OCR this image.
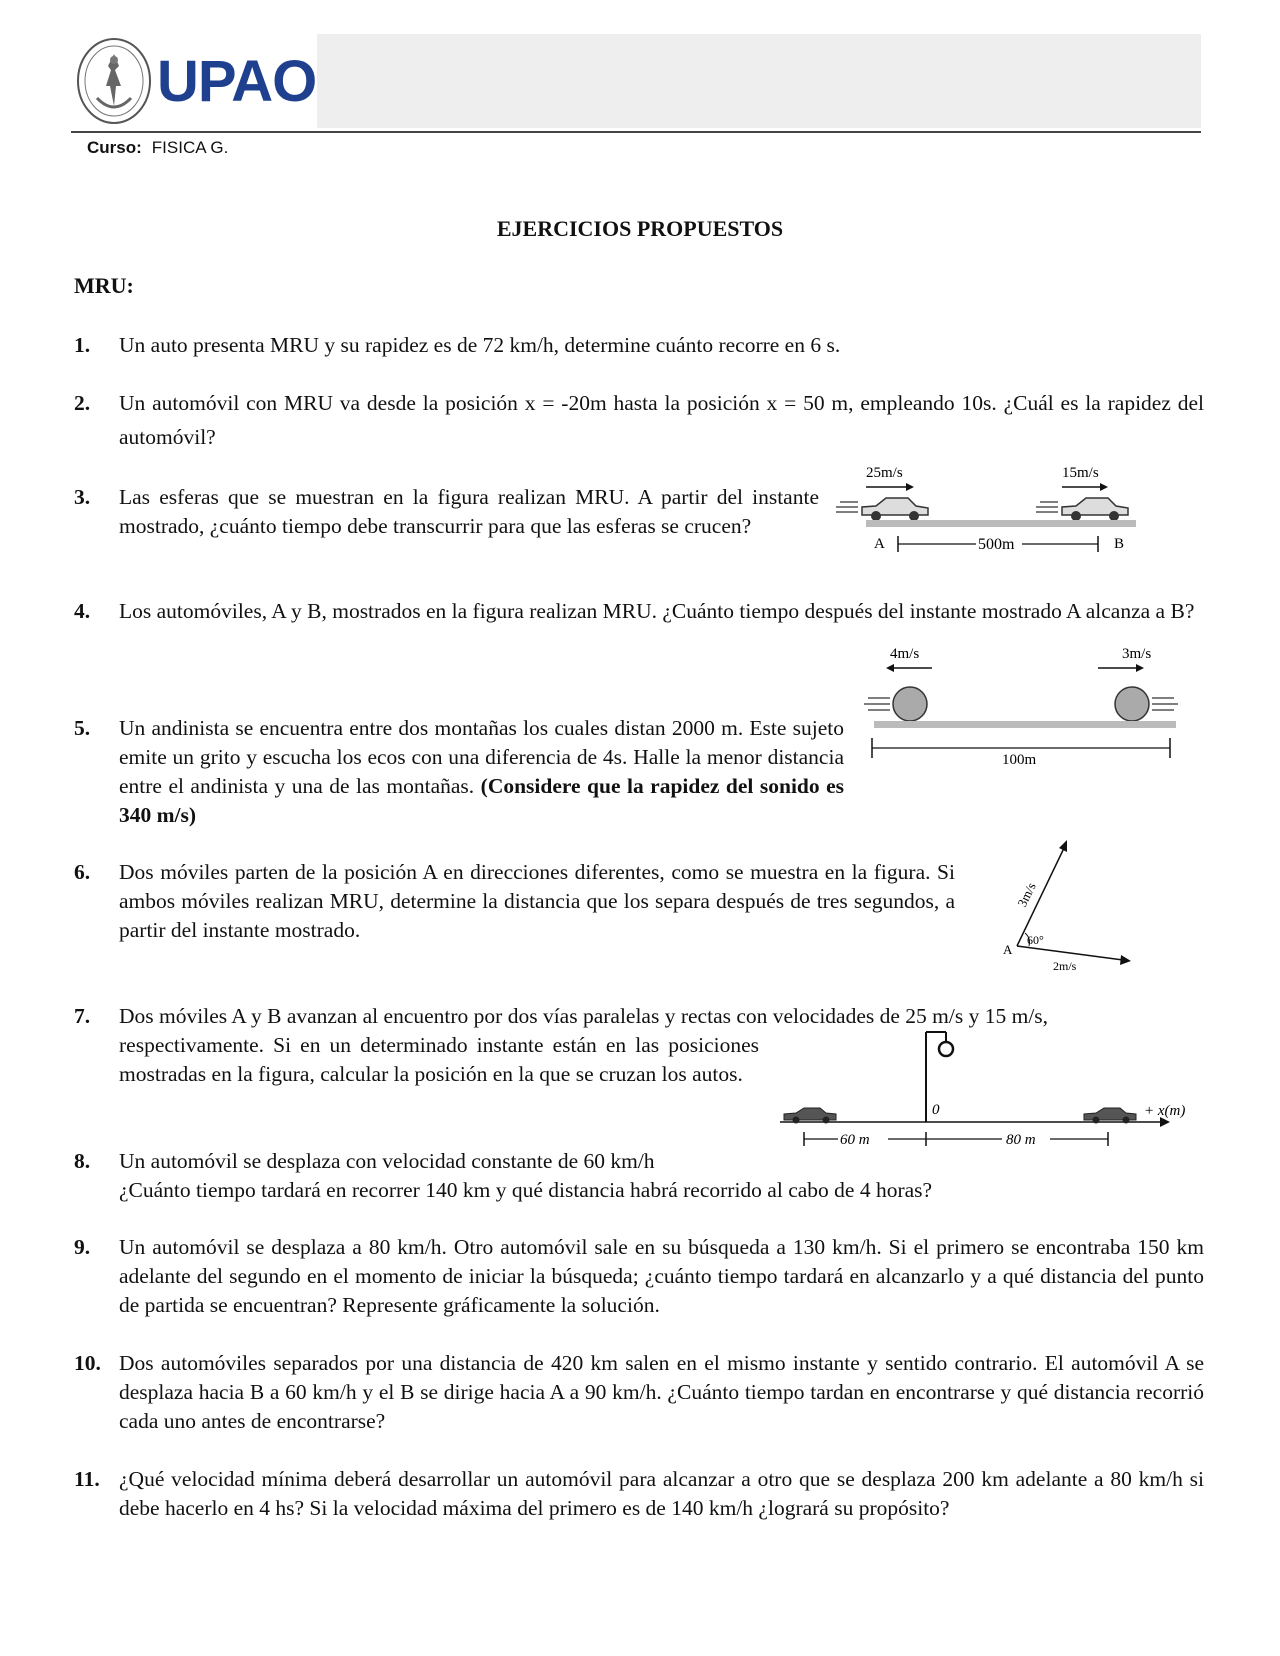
UPAO
Curso: FISICA G.
EJERCICIOS PROPUESTOS
MRU:
1. Un auto presenta MRU y su rapidez es de 72 km/h, determine cuánto recorre en 6 s.
2. Un automóvil con MRU va desde la posición x = -20m hasta la posición x = 50 m, empleando 10s. ¿Cuál es la rapidez del automóvil?
3. Las esferas que se muestran en la figura realizan MRU. A partir del instante mostrado, ¿cuánto tiempo debe transcurrir para que las esferas se crucen?
25m/s	15m/s
A	B
500m
4. Los automóviles, A y B, mostrados en la figura realizan MRU. ¿Cuánto tiempo después del instante mostrado A alcanza a B?
4m/s	3m/s
100m
5. Un andinista se encuentra entre dos montañas los cuales distan 2000 m. Este sujeto emite un grito y escucha los ecos con una diferencia de 4s. Halle la menor distancia entre el andinista y una de las montañas. (Considere que la rapidez del sonido es 340 m/s)
6. Dos móviles parten de la posición A en direcciones diferentes, como se muestra en la figura. Si ambos móviles realizan MRU, determine la distancia que los separa después de tres segundos, a partir del instante mostrado.
A
60°
3m/s
2m/s
7. Dos móviles A y B avanzan al encuentro por dos vías paralelas y rectas con velocidades de 25 m/s y 15 m/s,
respectivamente. Si en un determinado instante están en las posiciones mostradas en la figura, calcular la posición en la que se cruzan los autos.
0	+ x(m)
60 m	80 m
8. Un automóvil se desplaza con velocidad constante de 60 km/h
¿Cuánto tiempo tardará en recorrer 140 km y qué distancia habrá recorrido al cabo de 4 horas?
9. Un automóvil se desplaza a 80 km/h. Otro automóvil sale en su búsqueda a 130 km/h. Si el primero se encontraba 150 km adelante del segundo en el momento de iniciar la búsqueda; ¿cuánto tiempo tardará en alcanzarlo y a qué distancia del punto de partida se encuentran? Represente gráficamente la solución.
10. Dos automóviles separados por una distancia de 420 km salen en el mismo instante y sentido contrario. El automóvil A se desplaza hacia B a 60 km/h y el B se dirige hacia A a 90 km/h. ¿Cuánto tiempo tardan en encontrarse y qué distancia recorrió cada uno antes de encontrarse?
11. ¿Qué velocidad mínima deberá desarrollar un automóvil para alcanzar a otro que se desplaza 200 km adelante a 80 km/h si debe hacerlo en 4 hs? Si la velocidad máxima del primero es de 140 km/h ¿logrará su propósito?
